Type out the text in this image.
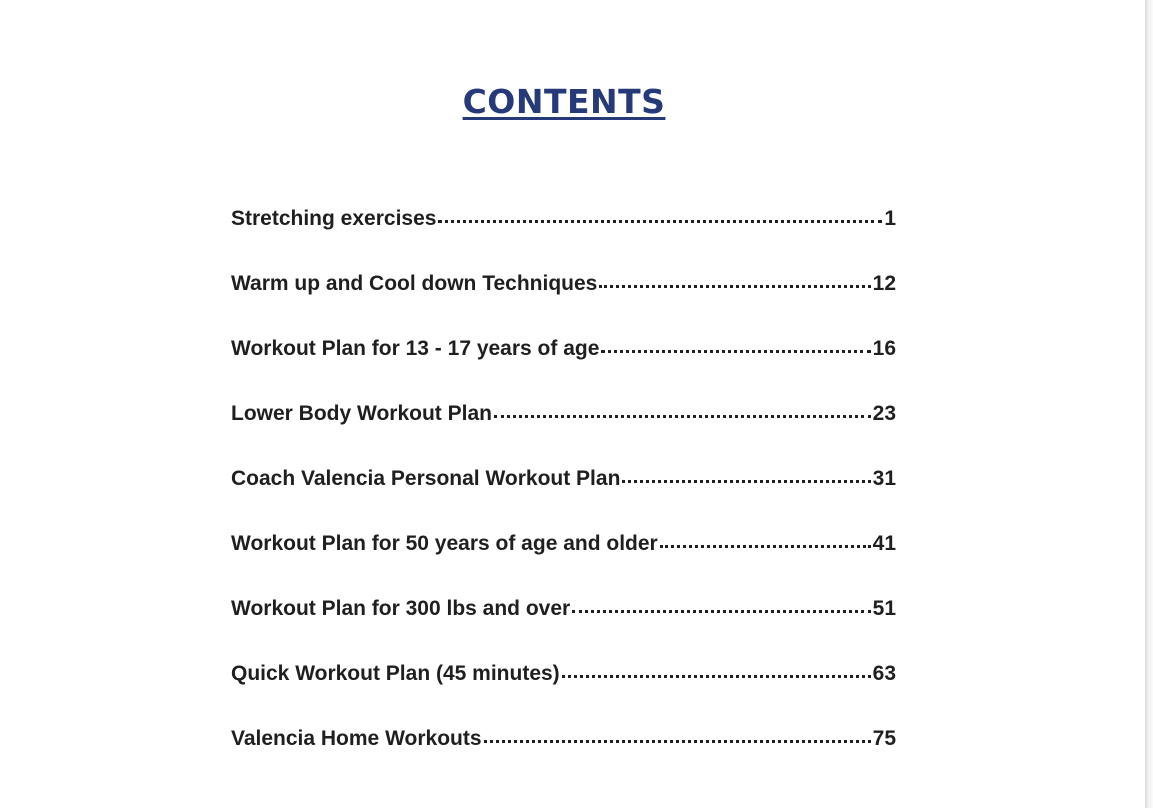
CONTENTS
Stretching exercises	1
Warm up and Cool down Techniques	12
Workout Plan for 13 - 17 years of age	16
Lower Body Workout Plan	23
Coach Valencia Personal Workout Plan	31
Workout Plan for 50 years of age and older	41
Workout Plan for 300 lbs and over	51
Quick Workout Plan (45 minutes)	63
Valencia Home Workouts	75
